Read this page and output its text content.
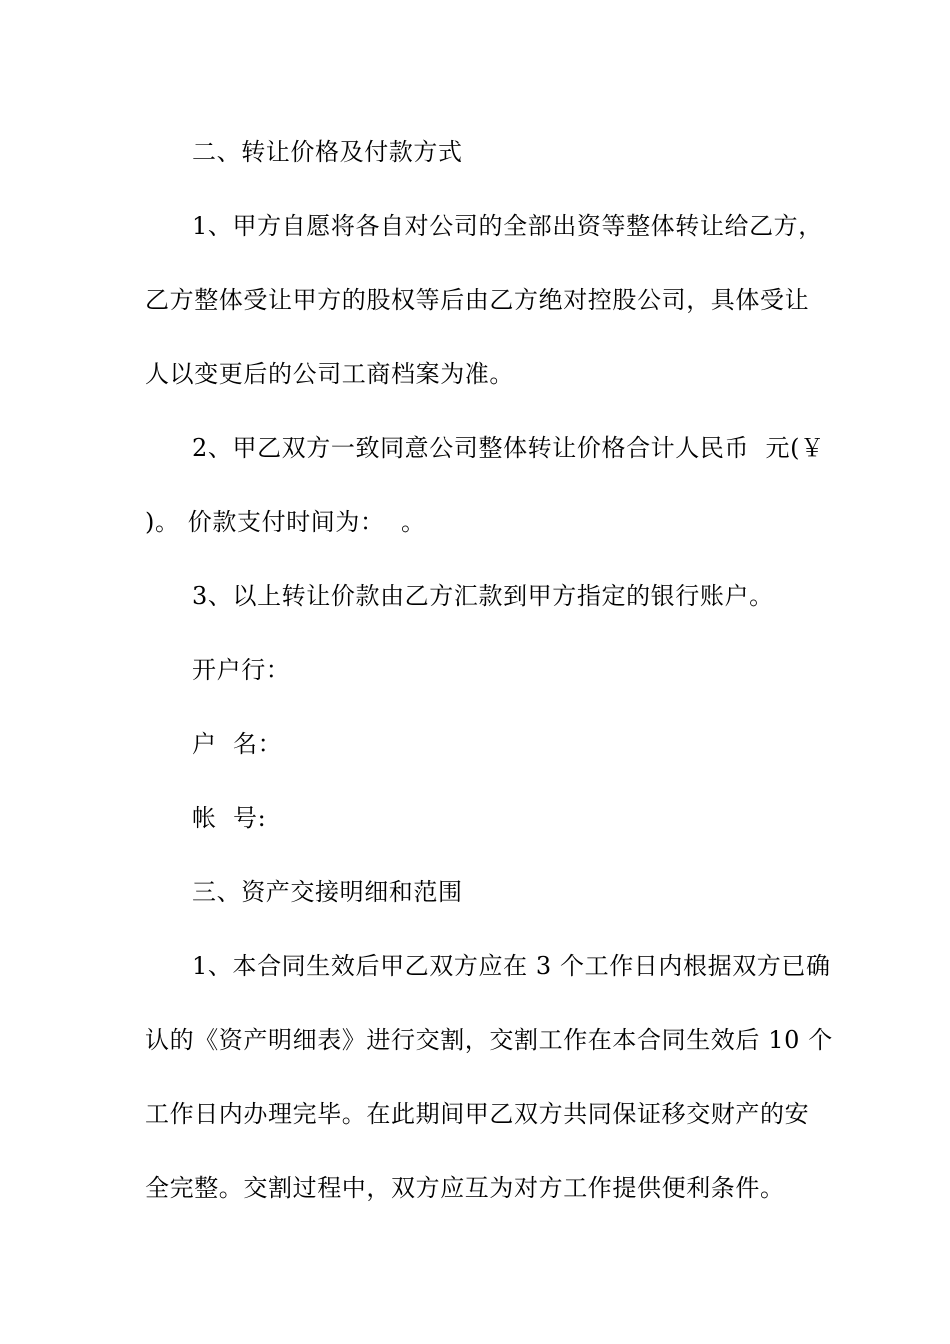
二、转让价格及付款方式
1、甲方自愿将各自对公司的全部出资等整体转让给乙方，
乙方整体受让甲方的股权等后由乙方绝对控股公司，具体受让
人以变更后的公司工商档案为准。
2、甲乙双方一致同意公司整体转让价格合计人民币  元(￥
)。 价款支付时间为：  。
3、以上转让价款由乙方汇款到甲方指定的银行账户。
开户行：
户  名：
帐  号:
三、资产交接明细和范围
1、本合同生效后甲乙双方应在 3 个工作日内根据双方已确
认的《资产明细表》进行交割，交割工作在本合同生效后 10 个
工作日内办理完毕。在此期间甲乙双方共同保证移交财产的安
全完整。交割过程中，双方应互为对方工作提供便利条件。
